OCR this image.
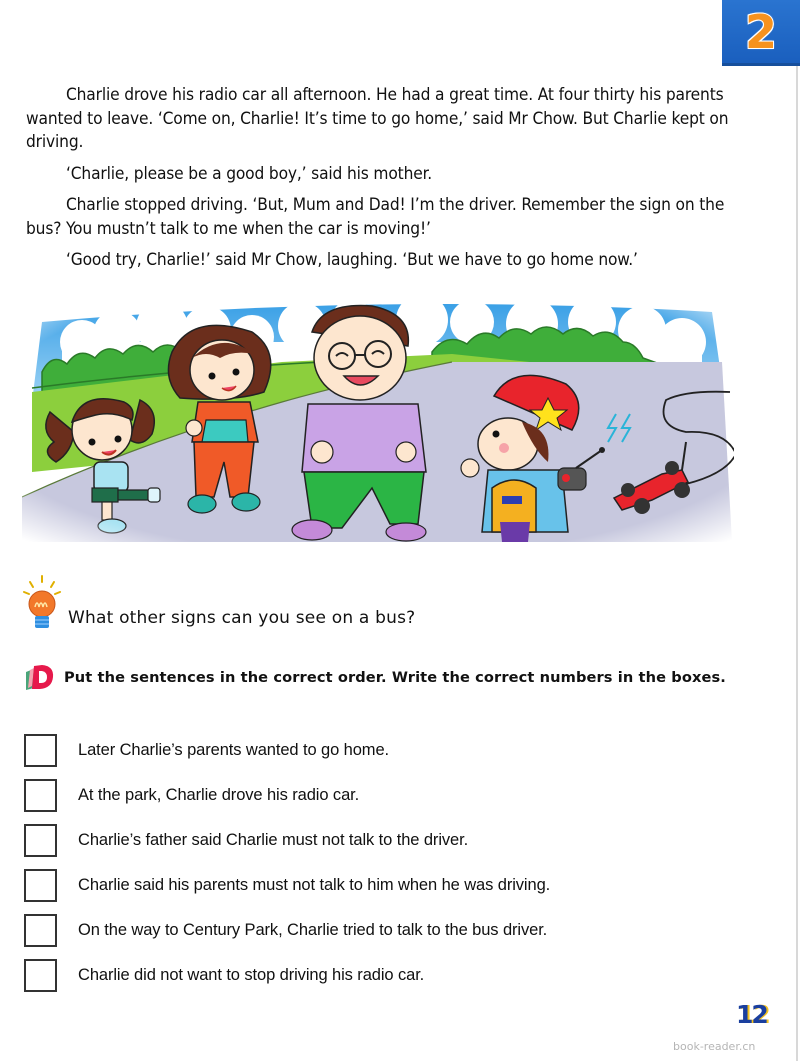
2

Charlie drove his radio car all afternoon. He had a great time. At four thirty his parents wanted to leave. ‘Come on, Charlie! It’s time to go home,’ said Mr Chow. But Charlie kept on driving.

‘Charlie, please be a good boy,’ said his mother.

Charlie stopped driving. ‘But, Mum and Dad! I’m the driver. Remember the sign on the bus? You mustn’t talk to me when the car is moving!’

‘Good try, Charlie!’ said Mr Chow, laughing. ‘But we have to go home now.’

What other signs can you see on a bus?
Put the sentences in the correct order. Write the correct numbers in the boxes.
Later Charlie’s parents wanted to go home.
At the park, Charlie drove his radio car.
Charlie’s father said Charlie must not talk to the driver.
Charlie said his parents must not talk to him when he was driving.
On the way to Century Park, Charlie tried to talk to the bus driver.
Charlie did not want to stop driving his radio car.
12
book-reader.cn
